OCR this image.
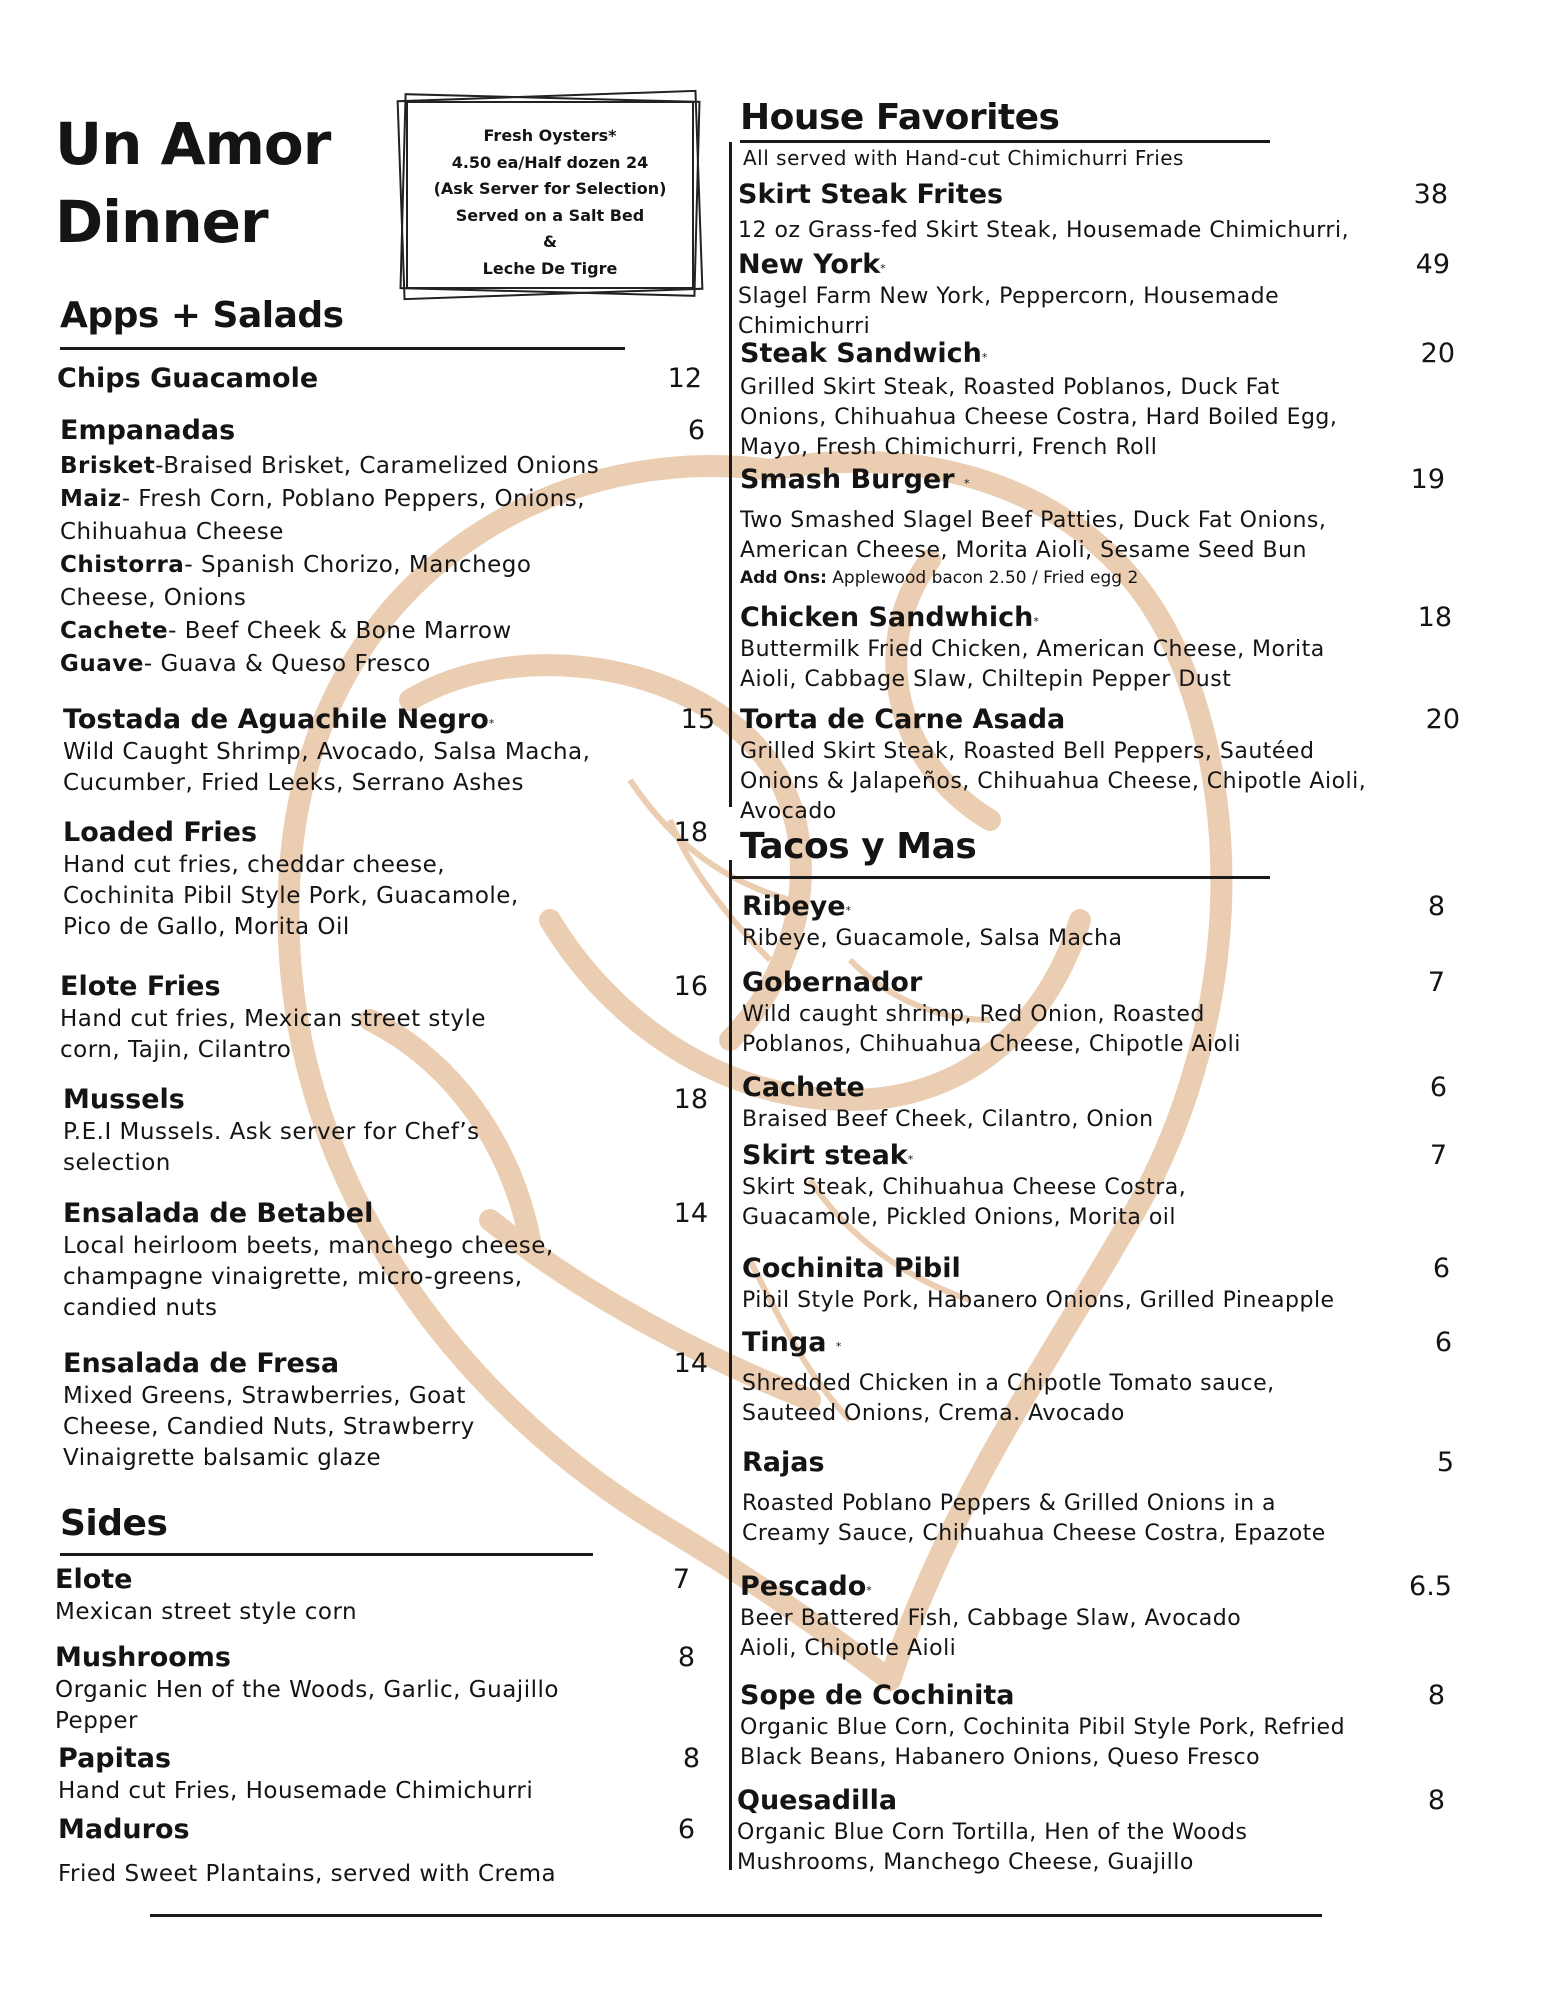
Un Amor
Dinner
Fresh Oysters*
4.50 ea/Half dozen 24
(Ask Server for Selection)
Served on a Salt Bed
&
Leche De Tigre
Apps + Salads
Chips Guacamole	12
Empanadas	6
Brisket-Braised Brisket, Caramelized Onions
Maiz- Fresh Corn, Poblano Peppers, Onions,
Chihuahua Cheese
Chistorra- Spanish Chorizo, Manchego
Cheese, Onions
Cachete- Beef Cheek & Bone Marrow
Guave- Guava & Queso Fresco
Tostada de Aguachile Negro*	15
Wild Caught Shrimp, Avocado, Salsa Macha,
Cucumber, Fried Leeks, Serrano Ashes
Loaded Fries	18
Hand cut fries, cheddar cheese,
Cochinita Pibil Style Pork, Guacamole,
Pico de Gallo, Morita Oil
Elote Fries	16
Hand cut fries, Mexican street style
corn, Tajin, Cilantro
Mussels	18
P.E.I Mussels. Ask server for Chef’s
selection
Ensalada de Betabel	14
Local heirloom beets, manchego cheese,
champagne vinaigrette, micro-greens,
candied nuts
Ensalada de Fresa	14
Mixed Greens, Strawberries, Goat
Cheese, Candied Nuts, Strawberry
Vinaigrette balsamic glaze
Sides
Elote	7
Mexican street style corn
Mushrooms	8
Organic Hen of the Woods, Garlic, Guajillo
Pepper
Papitas	8
Hand cut Fries, Housemade Chimichurri
Maduros	6
Fried Sweet Plantains, served with Crema
House Favorites
All served with Hand-cut Chimichurri Fries
Skirt Steak Frites	38
12 oz Grass-fed Skirt Steak, Housemade Chimichurri,
New York*	49
Slagel Farm New York, Peppercorn, Housemade
Chimichurri
Steak Sandwich*	20
Grilled Skirt Steak, Roasted Poblanos, Duck Fat
Onions, Chihuahua Cheese Costra, Hard Boiled Egg,
Mayo, Fresh Chimichurri, French Roll
Smash Burger *	19
Two Smashed Slagel Beef Patties, Duck Fat Onions,
American Cheese, Morita Aioli, Sesame Seed Bun
Add Ons: Applewood bacon 2.50 / Fried egg 2
Chicken Sandwhich*	18
Buttermilk Fried Chicken, American Cheese, Morita
Aioli, Cabbage Slaw, Chiltepin Pepper Dust
Torta de Carne Asada	20
Grilled Skirt Steak, Roasted Bell Peppers, Sautéed
Onions & Jalapeños, Chihuahua Cheese, Chipotle Aioli,
Avocado
Tacos y Mas
Ribeye*	8
Ribeye, Guacamole, Salsa Macha
Gobernador	7
Wild caught shrimp, Red Onion, Roasted
Poblanos, Chihuahua Cheese, Chipotle Aioli
Cachete	6
Braised Beef Cheek, Cilantro, Onion
Skirt steak*	7
Skirt Steak, Chihuahua Cheese Costra,
Guacamole, Pickled Onions, Morita oil
Cochinita Pibil	6
Pibil Style Pork, Habanero Onions, Grilled Pineapple
Tinga *	6
Shredded Chicken in a Chipotle Tomato sauce,
Sauteed Onions, Crema. Avocado
Rajas	5
Roasted Poblano Peppers & Grilled Onions in a
Creamy Sauce, Chihuahua Cheese Costra, Epazote
Pescado*	6.5
Beer Battered Fish, Cabbage Slaw, Avocado
Aioli, Chipotle Aioli
Sope de Cochinita	8
Organic Blue Corn, Cochinita Pibil Style Pork, Refried
Black Beans, Habanero Onions, Queso Fresco
Quesadilla	8
Organic Blue Corn Tortilla, Hen of the Woods
Mushrooms, Manchego Cheese, Guajillo
